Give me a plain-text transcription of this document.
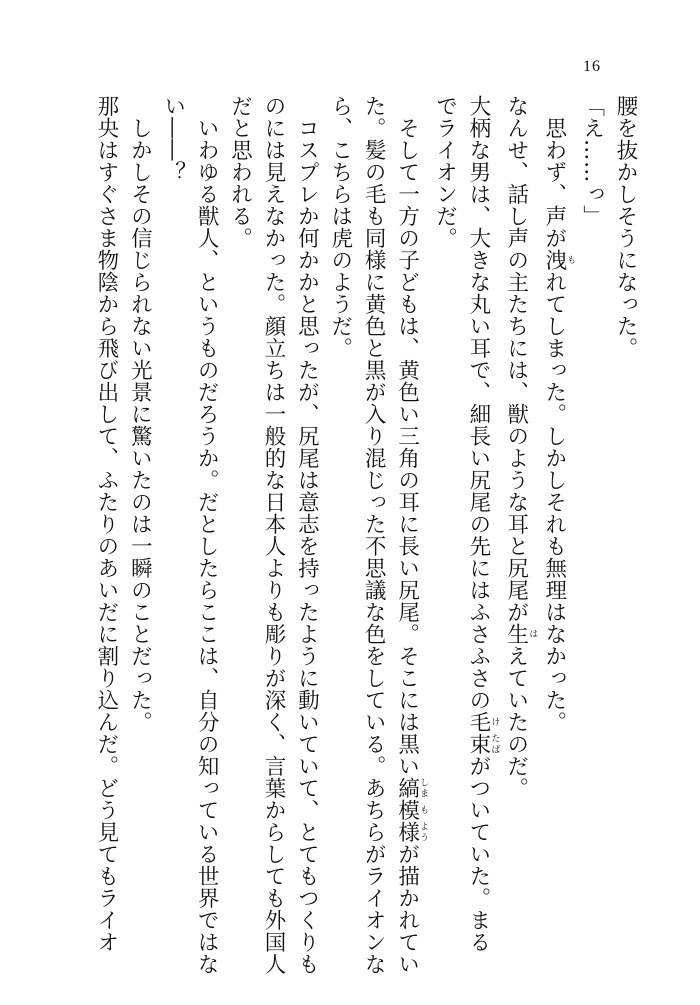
16

腰を抜かしそうになった。

「え……っ」

　思わず、声が洩もれてしまった。しかしそれも無理はなかった。

なんせ、話し声の主たちには、獣のような耳と尻尾が生はえていたのだ。

大柄な男は、大きな丸い耳で、細長い尻尾の先にはふさふさの毛け束たばがついていた。まる

でライオンだ。

　そして一方の子どもは、黄色い三角の耳に長い尻尾。そこには黒い縞しま模も様ようが描かれてい

た。髪の毛も同様に黄色と黒が入り混じった不思議な色をしている。あちらがライオンな

ら、こちらは虎のようだ。

　コスプレか何かかと思ったが、尻尾は意志を持ったように動いていて、とてもつくりも

のには見えなかった。顔立ちは一般的な日本人よりも彫りが深く、言葉からしても外国人

だと思われる。

　いわゆる獣人、というものだろうか。だとしたらここは、自分の知っている世界ではな

い――？

　しかしその信じられない光景に驚いたのは一瞬のことだった。

那央はすぐさま物陰から飛び出して、ふたりのあいだに割り込んだ。どう見てもライオ
